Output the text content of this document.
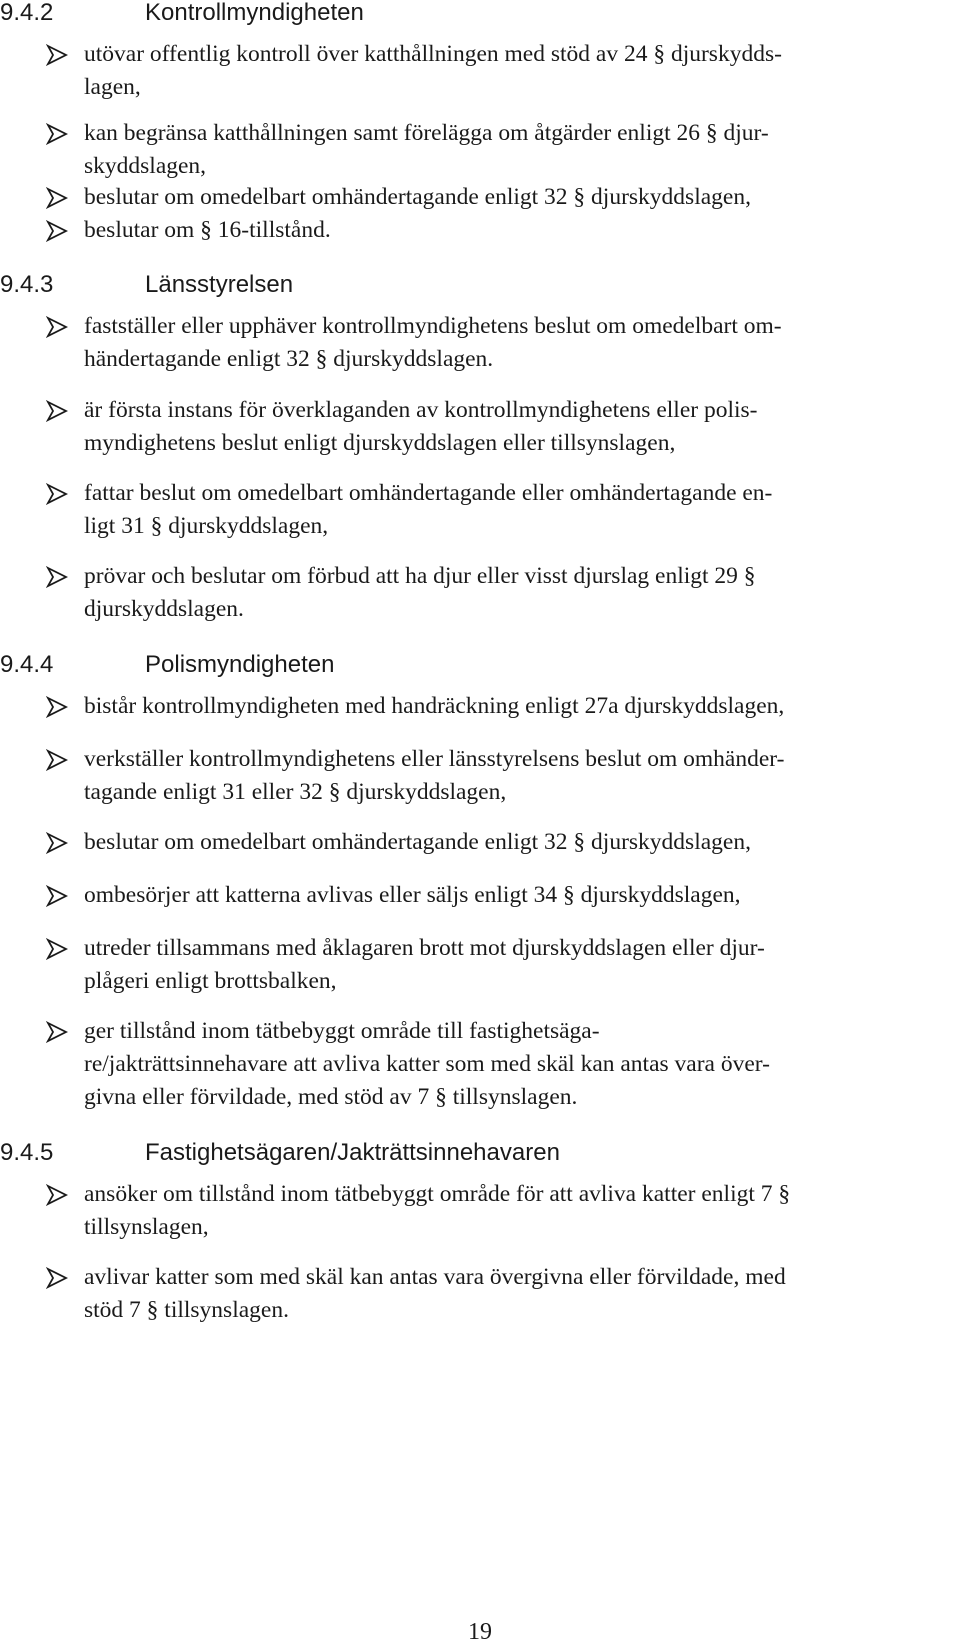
9.4.2	Kontrollmyndigheten
utövar offentlig kontroll över katthållningen med stöd av 24 § djurskydds-
lagen,
kan begränsa katthållningen samt förelägga om åtgärder enligt 26 § djur-
skyddslagen,
beslutar om omedelbart omhändertagande enligt 32 § djurskyddslagen,
beslutar om § 16-tillstånd.
9.4.3	Länsstyrelsen
fastställer eller upphäver kontrollmyndighetens beslut om omedelbart om-
händertagande enligt 32 § djurskyddslagen.
är första instans för överklaganden av kontrollmyndighetens eller polis-
myndighetens beslut enligt djurskyddslagen eller tillsynslagen,
fattar beslut om omedelbart omhändertagande eller omhändertagande en-
ligt 31 § djurskyddslagen,
prövar och beslutar om förbud att ha djur eller visst djurslag enligt 29 §
djurskyddslagen.
9.4.4	Polismyndigheten
bistår kontrollmyndigheten med handräckning enligt 27a djurskyddslagen,
verkställer kontrollmyndighetens eller länsstyrelsens beslut om omhänder-
tagande enligt 31 eller 32 § djurskyddslagen,
beslutar om omedelbart omhändertagande enligt 32 § djurskyddslagen,
ombesörjer att katterna avlivas eller säljs enligt 34 § djurskyddslagen,
utreder tillsammans med åklagaren brott mot djurskyddslagen eller djur-
plågeri enligt brottsbalken,
ger tillstånd inom tätbebyggt område till fastighetsäga-
re/jakträttsinnehavare att avliva katter som med skäl kan antas vara över-
givna eller förvildade, med stöd av 7 § tillsynslagen.
9.4.5	Fastighetsägaren/Jakträttsinnehavaren
ansöker om tillstånd inom tätbebyggt område för att avliva katter enligt 7 §
tillsynslagen,
avlivar katter som med skäl kan antas vara övergivna eller förvildade, med
stöd 7 § tillsynslagen.
19
